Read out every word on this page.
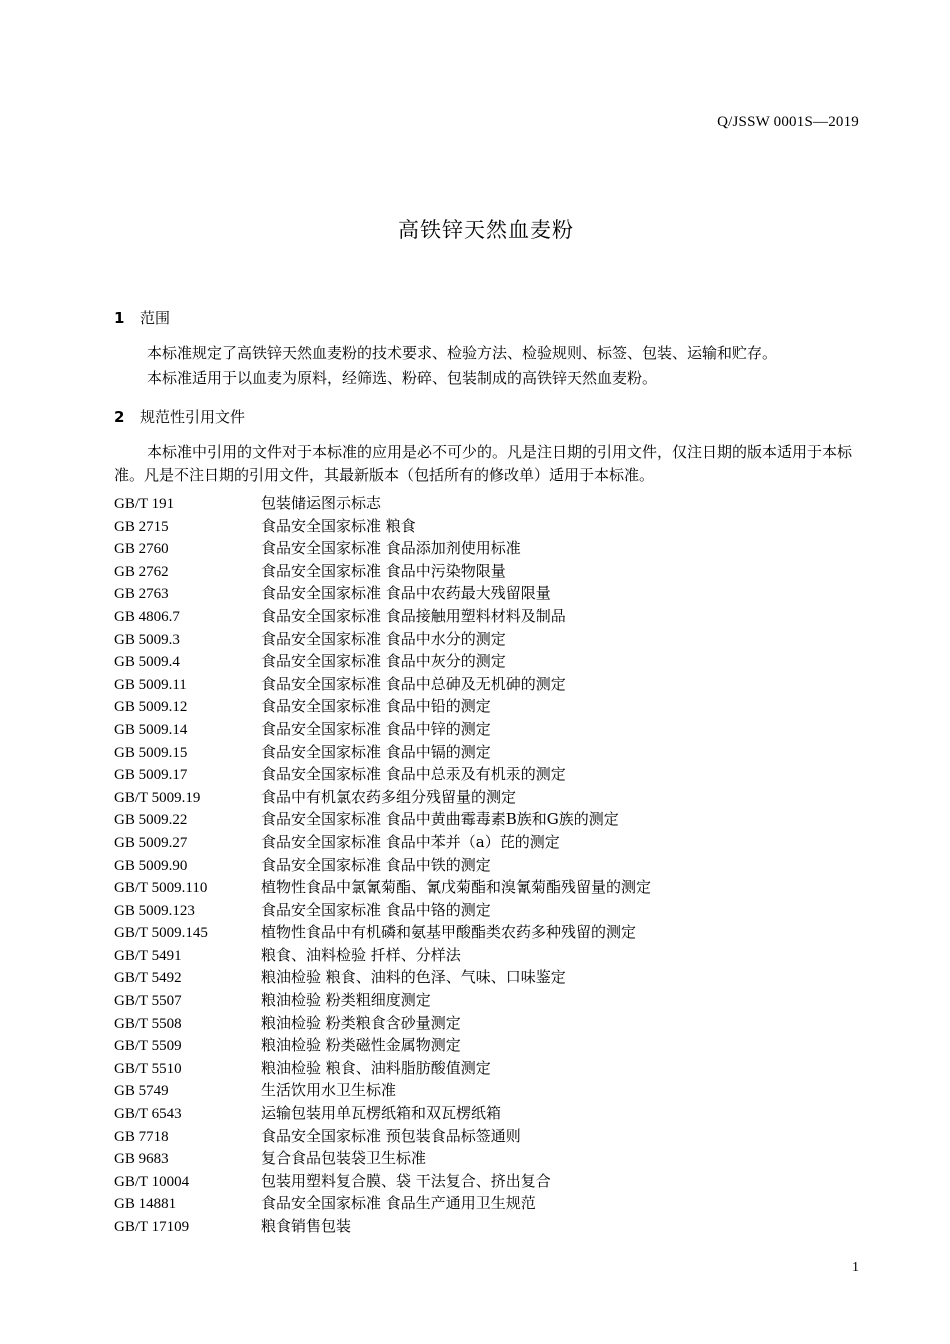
Q/JSSW 0001S—2019
高铁锌天然血麦粉
1 范围

本标准规定了高铁锌天然血麦粉的技术要求、检验方法、检验规则、标签、包装、运输和贮存。

本标准适用于以血麦为原料，经筛选、粉碎、包装制成的高铁锌天然血麦粉。

2 规范性引用文件

本标准中引用的文件对于本标准的应用是必不可少的。凡是注日期的引用文件，仅注日期的版本适用于本标准。凡是不注日期的引用文件，其最新版本（包括所有的修改单）适用于本标准。

GB/T 191	包装储运图示标志
GB 2715	食品安全国家标准 粮食
GB 2760	食品安全国家标准 食品添加剂使用标准
GB 2762	食品安全国家标准 食品中污染物限量
GB 2763	食品安全国家标准 食品中农药最大残留限量
GB 4806.7	食品安全国家标准 食品接触用塑料材料及制品
GB 5009.3	食品安全国家标准 食品中水分的测定
GB 5009.4	食品安全国家标准 食品中灰分的测定
GB 5009.11	食品安全国家标准 食品中总砷及无机砷的测定
GB 5009.12	食品安全国家标准 食品中铅的测定
GB 5009.14	食品安全国家标准 食品中锌的测定
GB 5009.15	食品安全国家标准 食品中镉的测定
GB 5009.17	食品安全国家标准 食品中总汞及有机汞的测定
GB/T 5009.19	食品中有机氯农药多组分残留量的测定
GB 5009.22	食品安全国家标准 食品中黄曲霉毒素B族和G族的测定
GB 5009.27	食品安全国家标准 食品中苯并（a）芘的测定
GB 5009.90	食品安全国家标准 食品中铁的测定
GB/T 5009.110	植物性食品中氯氰菊酯、氰戊菊酯和溴氰菊酯残留量的测定
GB 5009.123	食品安全国家标准 食品中铬的测定
GB/T 5009.145	植物性食品中有机磷和氨基甲酸酯类农药多种残留的测定
GB/T 5491	粮食、油料检验 扦样、分样法
GB/T 5492	粮油检验 粮食、油料的色泽、气味、口味鉴定
GB/T 5507	粮油检验 粉类粗细度测定
GB/T 5508	粮油检验 粉类粮食含砂量测定
GB/T 5509	粮油检验 粉类磁性金属物测定
GB/T 5510	粮油检验 粮食、油料脂肪酸值测定
GB 5749	生活饮用水卫生标准
GB/T 6543	运输包装用单瓦楞纸箱和双瓦楞纸箱
GB 7718	食品安全国家标准 预包装食品标签通则
GB 9683	复合食品包装袋卫生标准
GB/T 10004	包装用塑料复合膜、袋 干法复合、挤出复合
GB 14881	食品安全国家标准 食品生产通用卫生规范
GB/T 17109	粮食销售包装
1
